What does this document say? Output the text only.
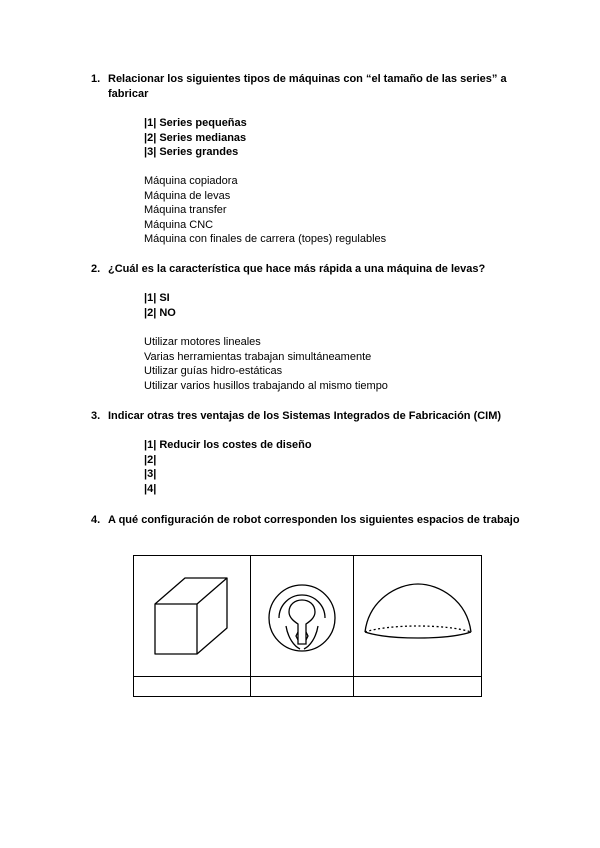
1. Relacionar los siguientes tipos de máquinas con “el tamaño de las series” a fabricar
|1| Series pequeñas
|2| Series medianas
|3| Series grandes
Máquina copiadora
Máquina de levas
Máquina transfer
Máquina CNC
Máquina con finales de carrera (topes) regulables
2. ¿Cuál es la característica que hace más rápida a una máquina de levas?
|1| SI
|2| NO
Utilizar motores lineales
Varias herramientas trabajan simultáneamente
Utilizar guías hidro-estáticas
Utilizar varios husillos trabajando al mismo tiempo
3. Indicar otras tres ventajas de los Sistemas Integrados de Fabricación (CIM)
|1| Reducir los costes de diseño
|2|
|3|
|4|
4. A qué configuración de robot corresponden los siguientes espacios de trabajo
